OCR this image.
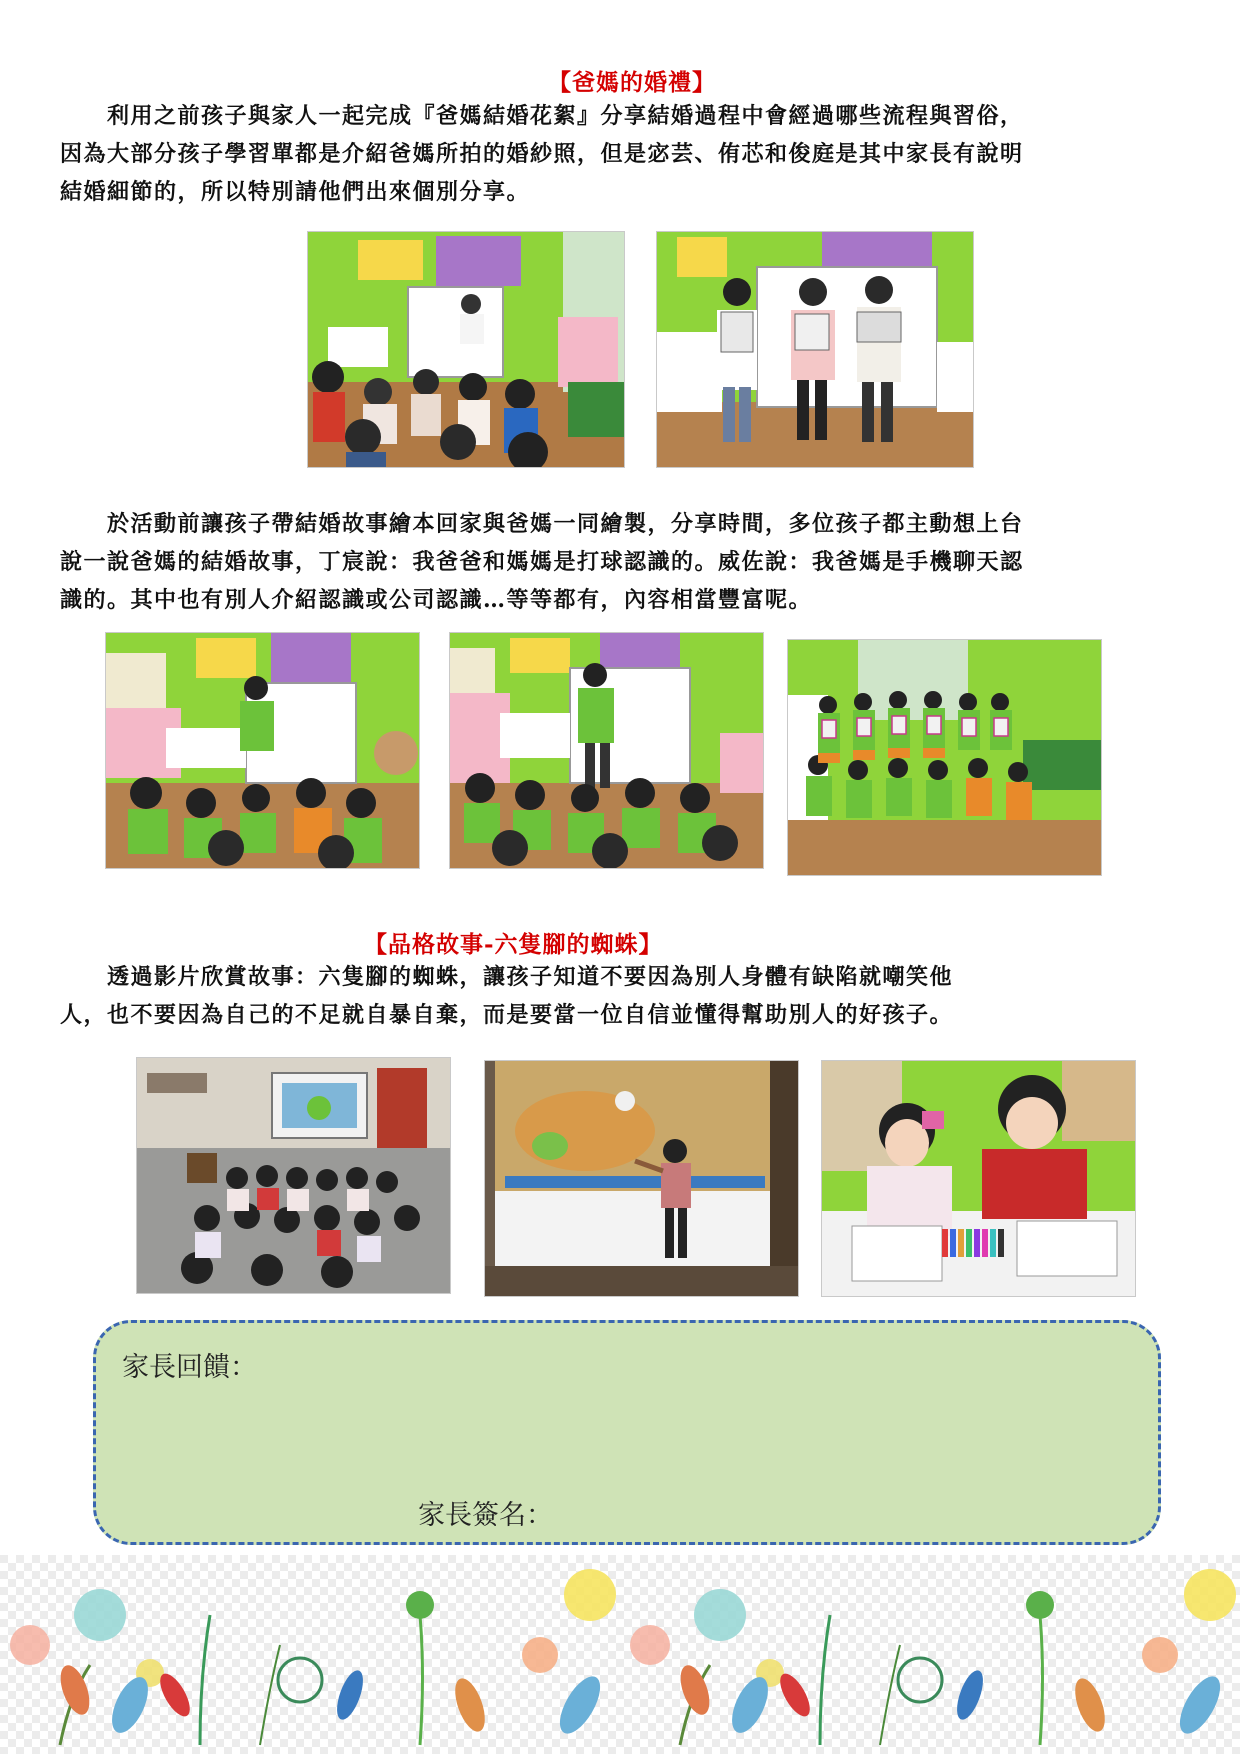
【爸媽的婚禮】

　　利用之前孩子與家人一起完成『爸媽結婚花絮』分享結婚過程中會經過哪些流程與習俗，

因為大部分孩子學習單都是介紹爸媽所拍的婚紗照，但是宓芸、侑芯和俊庭是其中家長有說明

結婚細節的，所以特別請他們出來個別分享。

　　於活動前讓孩子帶結婚故事繪本回家與爸媽一同繪製，分享時間，多位孩子都主動想上台

說一說爸媽的結婚故事，丁宸說：我爸爸和媽媽是打球認識的。威佐說：我爸媽是手機聊天認

識的。其中也有別人介紹認識或公司認識…等等都有，內容相當豐富呢。

【品格故事-六隻腳的蜘蛛】

　　透過影片欣賞故事：六隻腳的蜘蛛，讓孩子知道不要因為別人身體有缺陷就嘲笑他

人，也不要因為自己的不足就自暴自棄，而是要當一位自信並懂得幫助別人的好孩子。

家長回饋：
家長簽名：
